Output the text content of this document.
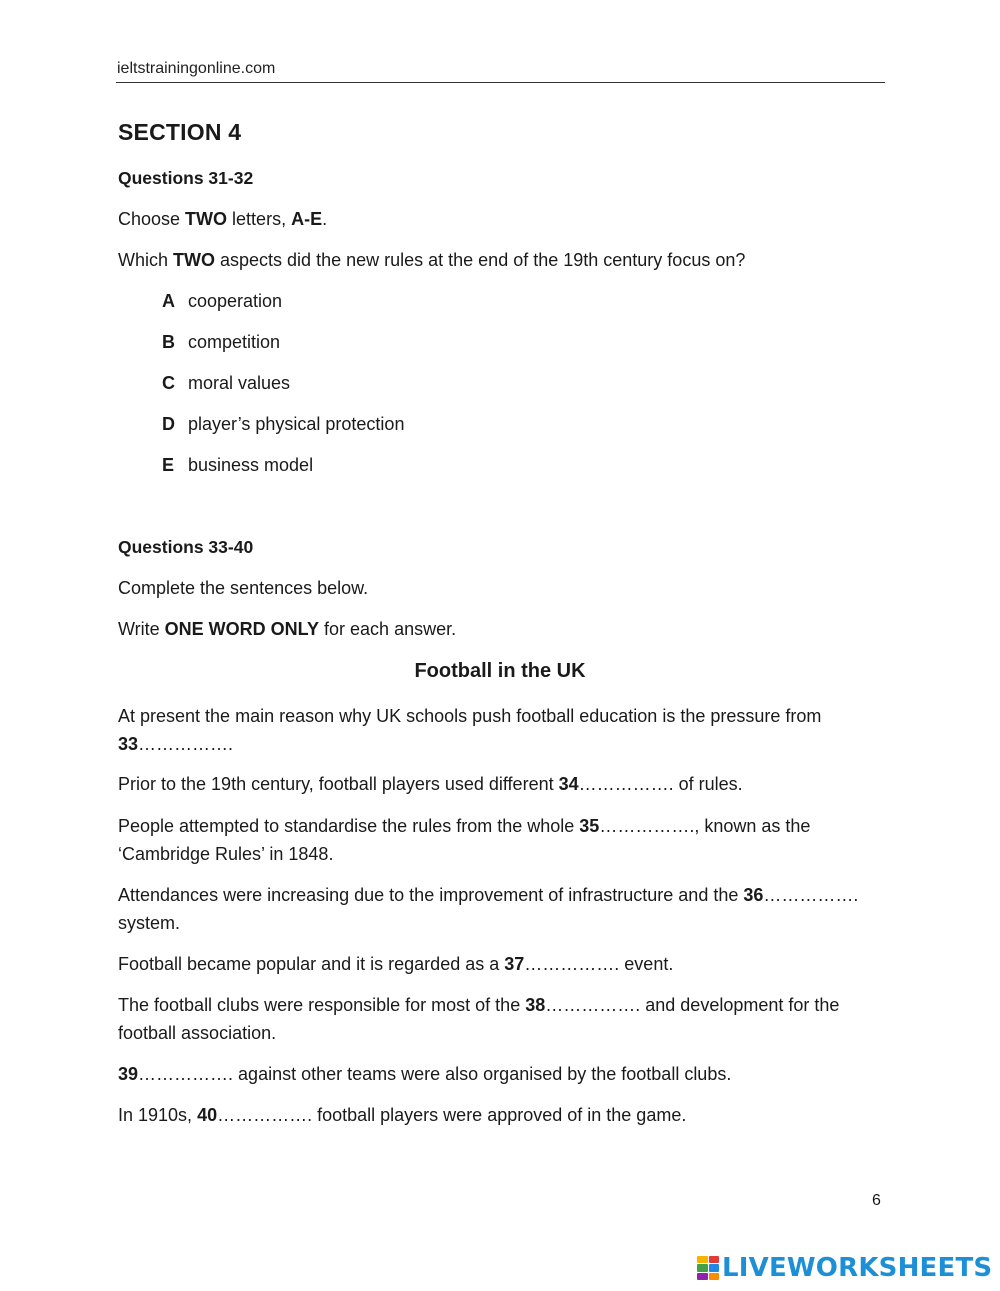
ieltstrainingonline.com
SECTION 4
Questions 31-32
Choose TWO letters, A-E.
Which TWO aspects did the new rules at the end of the 19th century focus on?
A cooperation
B competition
C moral values
D player’s physical protection
E business model
Questions 33-40
Complete the sentences below.
Write ONE WORD ONLY for each answer.
Football in the UK
At present the main reason why UK schools push football education is the pressure from 33…………….
Prior to the 19th century, football players used different 34……………. of rules.
People attempted to standardise the rules from the whole 35……………., known as the ‘Cambridge Rules’ in 1848.
Attendances were increasing due to the improvement of infrastructure and the 36……………. system.
Football became popular and it is regarded as a 37……………. event.
The football clubs were responsible for most of the 38……………. and development for the football association.
39……………. against other teams were also organised by the football clubs.
In 1910s, 40……………. football players were approved of in the game.
6
LIVEWORKSHEETS
